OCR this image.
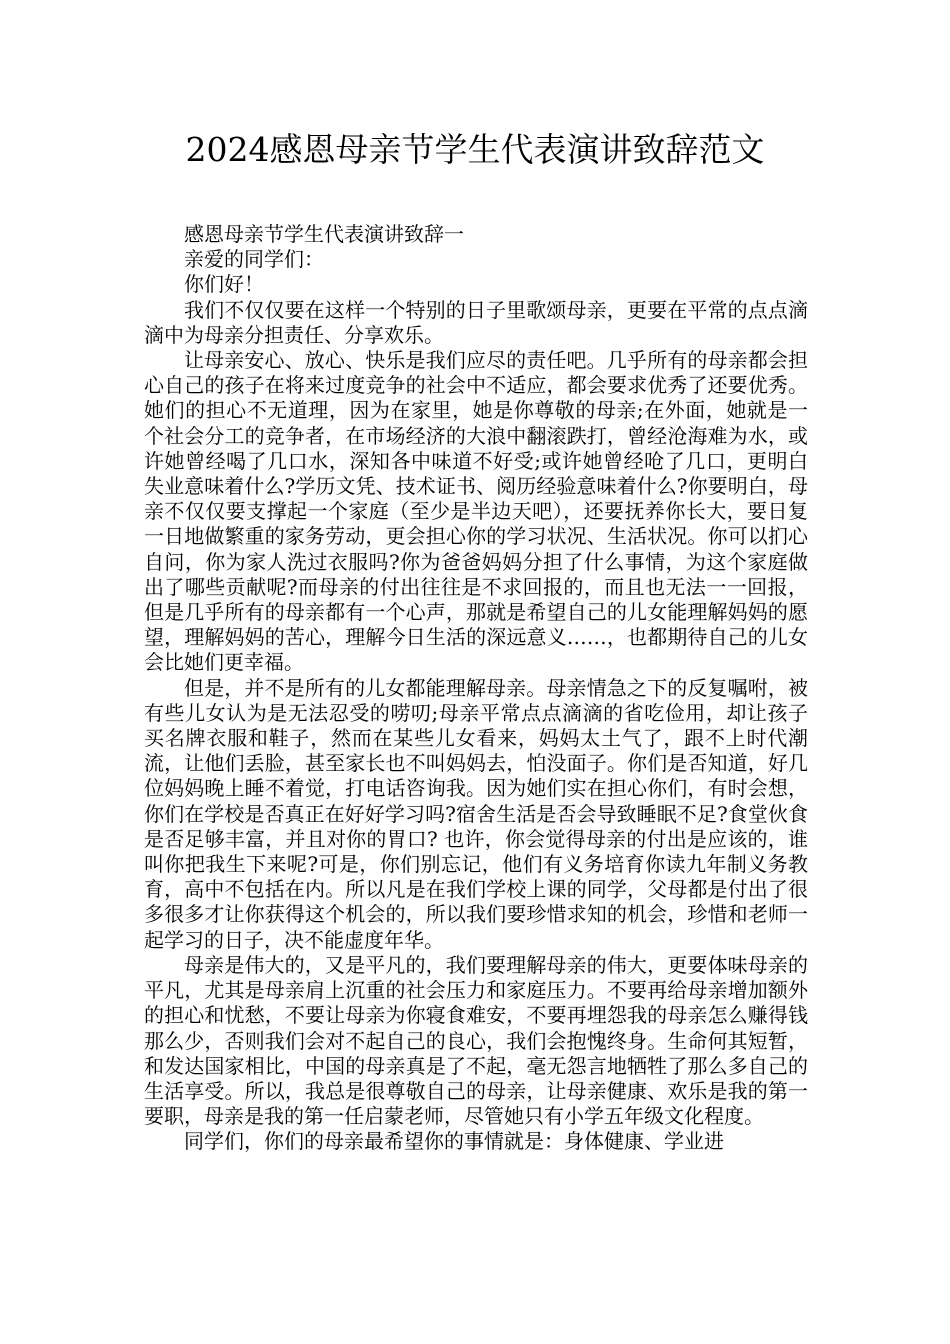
2024感恩母亲节学生代表演讲致辞范文

感恩母亲节学生代表演讲致辞一

亲爱的同学们：

你们好！

我们不仅仅要在这样一个特别的日子里歌颂母亲，更要在平常的点点滴滴中为母亲分担责任、分享欢乐。

让母亲安心、放心、快乐是我们应尽的责任吧。几乎所有的母亲都会担心自己的孩子在将来过度竞争的社会中不适应，都会要求优秀了还要优秀。她们的担心不无道理，因为在家里，她是你尊敬的母亲;在外面，她就是一个社会分工的竞争者，在市场经济的大浪中翻滚跌打，曾经沧海难为水，或许她曾经喝了几口水，深知各中味道不好受;或许她曾经呛了几口，更明白失业意味着什么?学历文凭、技术证书、阅历经验意味着什么?你要明白，母亲不仅仅要支撑起一个家庭（至少是半边天吧），还要抚养你长大，要日复一日地做繁重的家务劳动，更会担心你的学习状况、生活状况。你可以扪心自问，你为家人洗过衣服吗?你为爸爸妈妈分担了什么事情，为这个家庭做出了哪些贡献呢?而母亲的付出往往是不求回报的，而且也无法一一回报，但是几乎所有的母亲都有一个心声，那就是希望自己的儿女能理解妈妈的愿望，理解妈妈的苦心，理解今日生活的深远意义……，也都期待自己的儿女会比她们更幸福。

但是，并不是所有的儿女都能理解母亲。母亲情急之下的反复嘱咐，被有些儿女认为是无法忍受的唠叨;母亲平常点点滴滴的省吃俭用，却让孩子买名牌衣服和鞋子，然而在某些儿女看来，妈妈太土气了，跟不上时代潮流，让他们丢脸，甚至家长也不叫妈妈去，怕没面子。你们是否知道，好几位妈妈晚上睡不着觉，打电话咨询我。因为她们实在担心你们，有时会想，你们在学校是否真正在好好学习吗?宿舍生活是否会导致睡眠不足?食堂伙食是否足够丰富，并且对你的胃口? 也许，你会觉得母亲的付出是应该的，谁叫你把我生下来呢?可是，你们别忘记，他们有义务培育你读九年制义务教育，高中不包括在内。所以凡是在我们学校上课的同学，父母都是付出了很多很多才让你获得这个机会的，所以我们要珍惜求知的机会，珍惜和老师一起学习的日子，决不能虚度年华。

母亲是伟大的，又是平凡的，我们要理解母亲的伟大，更要体味母亲的平凡，尤其是母亲肩上沉重的社会压力和家庭压力。不要再给母亲增加额外的担心和忧愁，不要让母亲为你寝食难安，不要再埋怨我的母亲怎么赚得钱那么少，否则我们会对不起自己的良心，我们会抱愧终身。生命何其短暂，和发达国家相比，中国的母亲真是了不起，毫无怨言地牺牲了那么多自己的生活享受。所以，我总是很尊敬自己的母亲，让母亲健康、欢乐是我的第一要职，母亲是我的第一任启蒙老师，尽管她只有小学五年级文化程度。

同学们，你们的母亲最希望你的事情就是：身体健康、学业进
